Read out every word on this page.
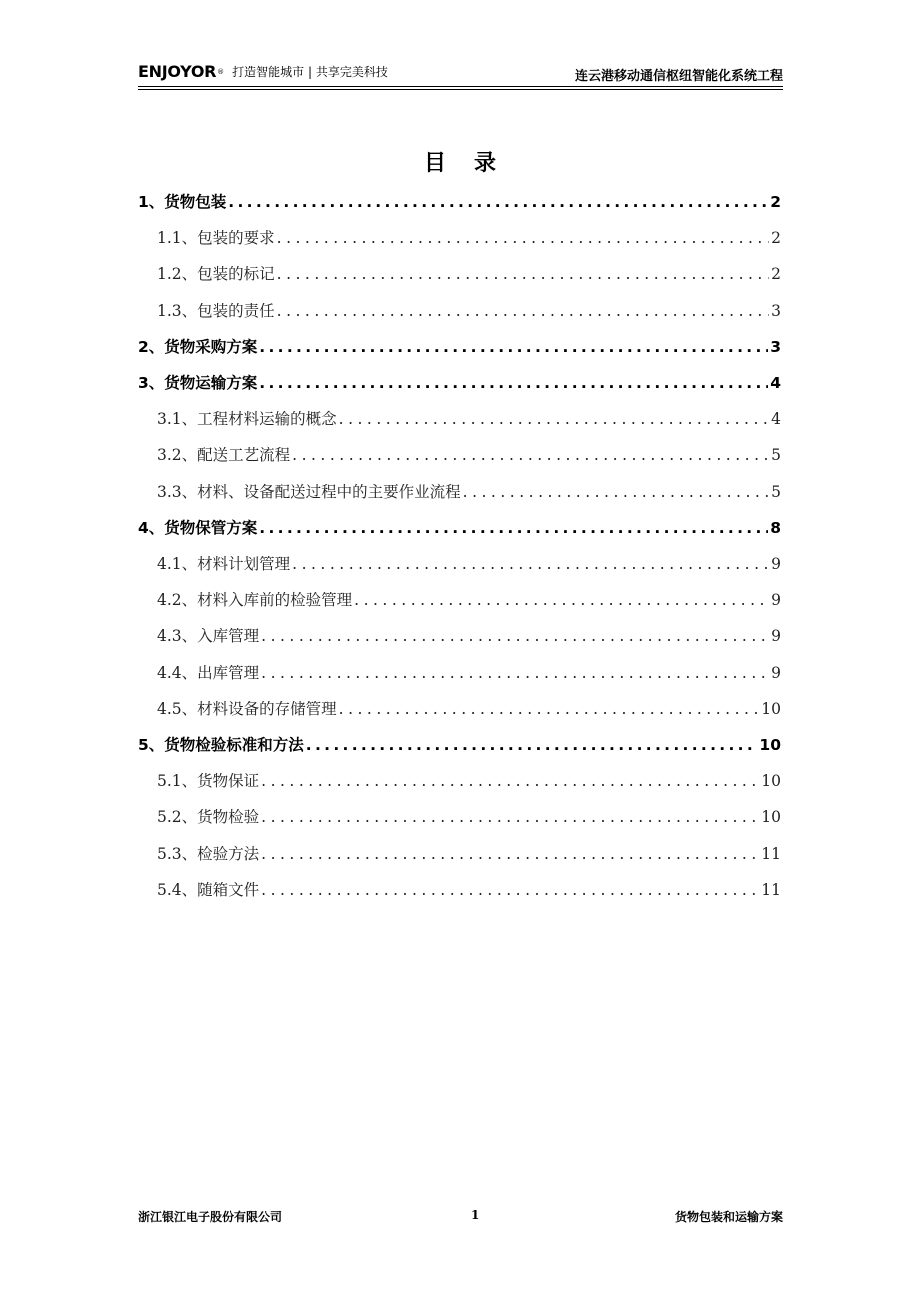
ENJOYOR ® 打造智能城市 | 共享完美科技	连云港移动通信枢纽智能化系统工程
目录
1、货物包装 .....	2
1.1、包装的要求 .....	2
1.2、包装的标记 .....	2
1.3、包装的责任 .....	3
2、货物采购方案 .....	3
3、货物运输方案 .....	4
3.1、工程材料运输的概念 .....	4
3.2、配送工艺流程 .....	5
3.3、材料、设备配送过程中的主要作业流程 .....	5
4、货物保管方案 .....	8
4.1、材料计划管理 .....	9
4.2、材料入库前的检验管理 .....	9
4.3、入库管理 .....	9
4.4、出库管理 .....	9
4.5、材料设备的存储管理 .....	10
5、货物检验标准和方法 .....	10
5.1、货物保证 .....	10
5.2、货物检验 .....	10
5.3、检验方法 .....	11
5.4、随箱文件 .....	11
浙江银江电子股份有限公司	1	货物包装和运输方案
